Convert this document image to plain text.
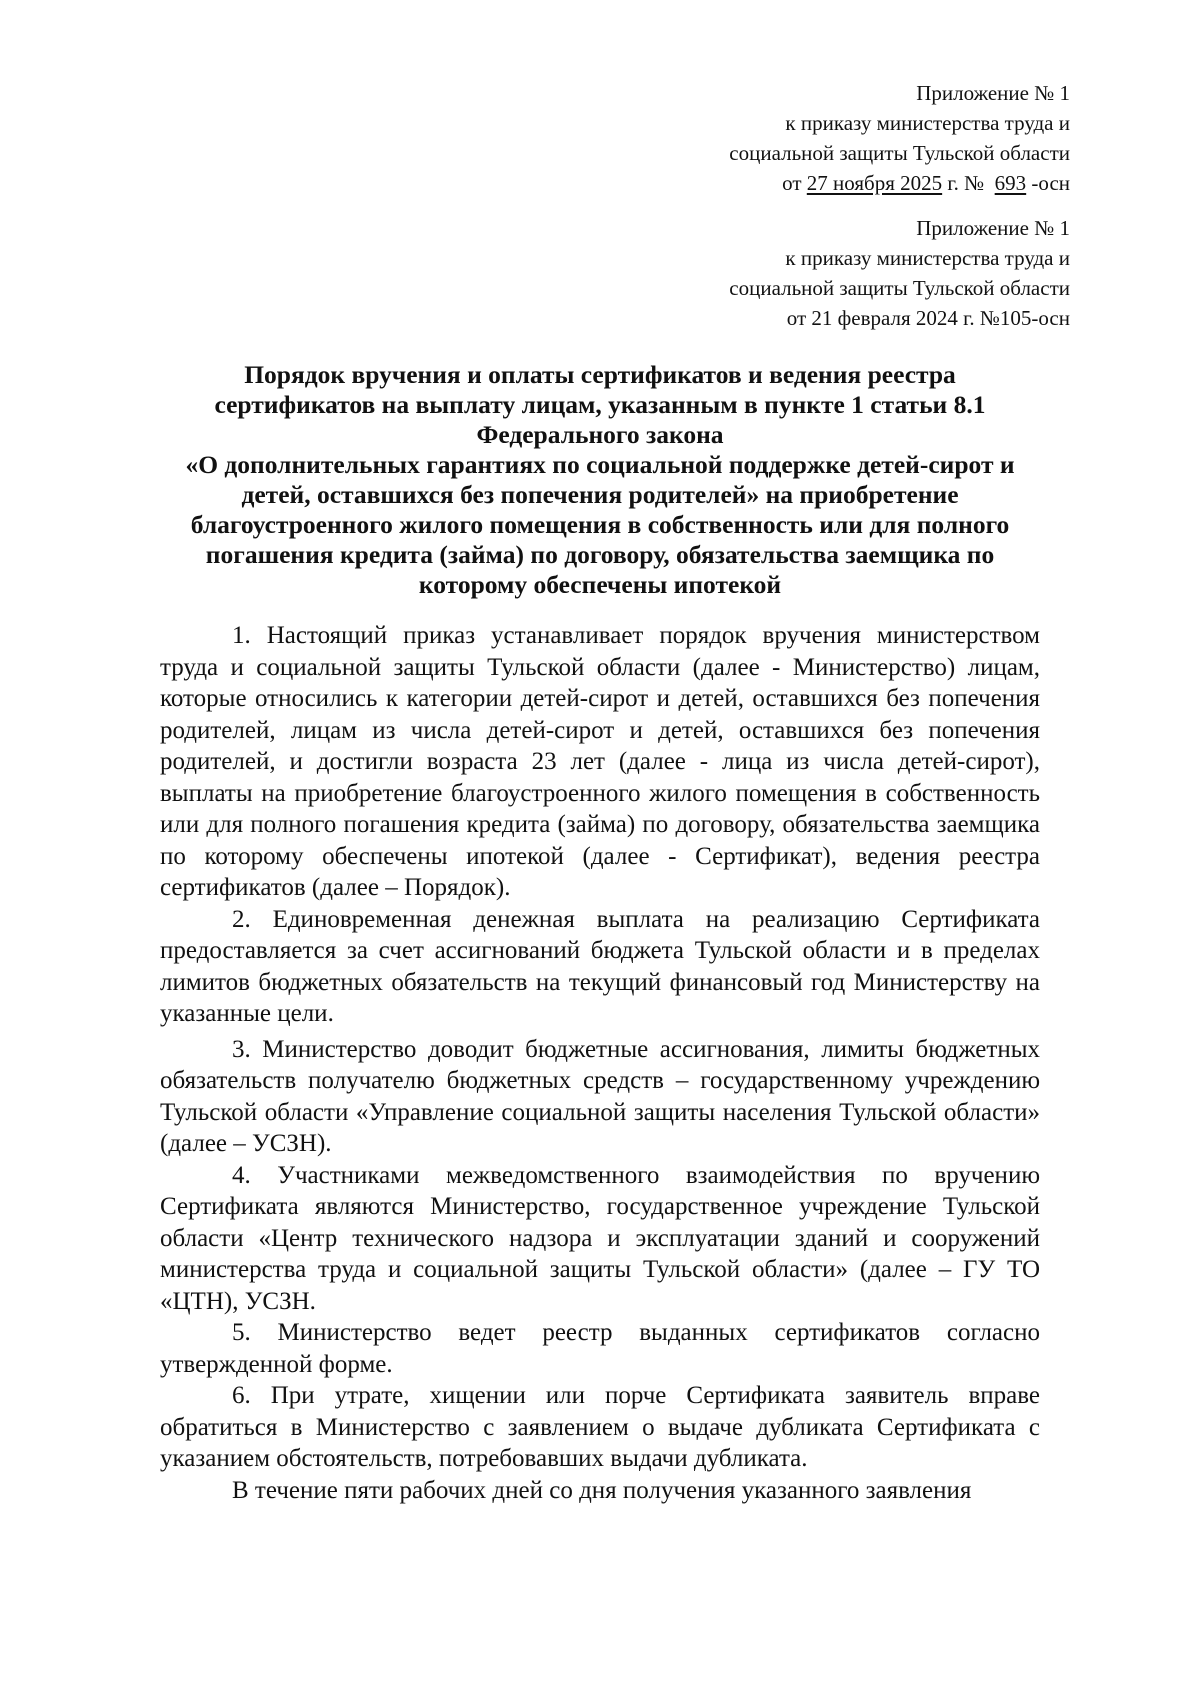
Приложение № 1
к приказу министерства труда и
социальной защиты Тульской области
от 27 ноября 2025 г. № 693 -осн
Приложение № 1
к приказу министерства труда и
социальной защиты Тульской области
от 21 февраля 2024 г. №105-осн
Порядок вручения и оплаты сертификатов и ведения реестра
сертификатов на выплату лицам, указанным в пункте 1 статьи 8.1
Федерального закона
«О дополнительных гарантиях по социальной поддержке детей-сирот и
детей, оставшихся без попечения родителей» на приобретение
благоустроенного жилого помещения в собственность или для полного
погашения кредита (займа) по договору, обязательства заемщика по
которому обеспечены ипотекой

1. Настоящий приказ устанавливает порядок вручения министерством труда и социальной защиты Тульской области (далее - Министерство) лицам, которые относились к категории детей-сирот и детей, оставшихся без попечения родителей, лицам из числа детей-сирот и детей, оставшихся без попечения родителей, и достигли возраста 23 лет (далее - лица из числа детей-сирот), выплаты на приобретение благоустроенного жилого помещения в собственность или для полного погашения кредита (займа) по договору, обязательства заемщика по которому обеспечены ипотекой (далее - Сертификат), ведения реестра сертификатов (далее – Порядок).

2. Единовременная денежная выплата на реализацию Сертификата предоставляется за счет ассигнований бюджета Тульской области и в пределах лимитов бюджетных обязательств на текущий финансовый год Министерству на указанные цели.

3. Министерство доводит бюджетные ассигнования, лимиты бюджетных обязательств получателю бюджетных средств – государственному учреждению Тульской области «Управление социальной защиты населения Тульской области» (далее – УСЗН).

4. Участниками межведомственного взаимодействия по вручению Сертификата являются Министерство, государственное учреждение Тульской области «Центр технического надзора и эксплуатации зданий и сооружений министерства труда и социальной защиты Тульской области» (далее – ГУ ТО «ЦТН), УСЗН.

5. Министерство ведет реестр выданных сертификатов согласно утвержденной форме.

6. При утрате, хищении или порче Сертификата заявитель вправе обратиться в Министерство с заявлением о выдаче дубликата Сертификата с указанием обстоятельств, потребовавших выдачи дубликата.

В течение пяти рабочих дней со дня получения указанного заявления
